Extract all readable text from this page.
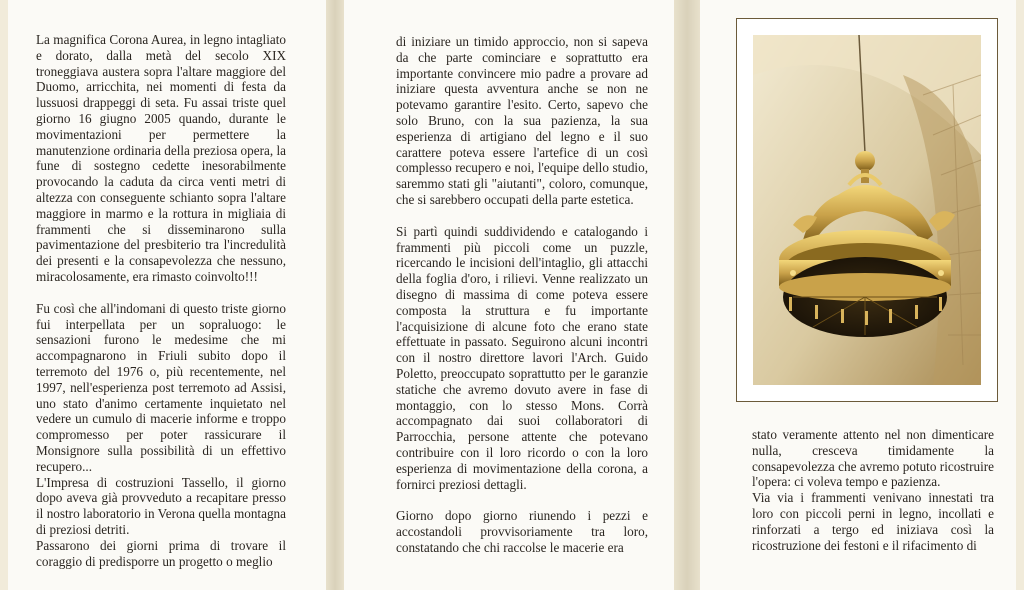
La magnifica Corona Aurea, in legno intagliato e dorato, dalla metà del secolo XIX troneggiava austera sopra l'altare maggiore del Duomo, arricchita, nei momenti di festa da lussuosi drappeggi di seta. Fu assai triste quel giorno 16 giugno 2005 quando, durante le movimentazioni per permettere la manutenzione ordinaria della preziosa opera, la fune di sostegno cedette inesorabilmente provocando la caduta da circa venti metri di altezza con conseguente schianto sopra l'altare maggiore in marmo e la rottura in migliaia di frammenti che si disseminarono sulla pavimentazione del presbiterio tra l'incredulità dei presenti e la consapevolezza che nessuno, miracolosamente, era rimasto coinvolto!!!

Fu così che all'indomani di questo triste giorno fui interpellata per un sopraluogo: le sensazioni furono le medesime che mi accompagnarono in Friuli subito dopo il terremoto del 1976 o, più recentemente, nel 1997, nell'esperienza post terremoto ad Assisi, uno stato d'animo certamente inquietato nel vedere un cumulo di macerie informe e troppo compromesso per poter rassicurare il Monsignore sulla possibilità di un effettivo recupero...

L'Impresa di costruzioni Tassello, il giorno dopo aveva già provveduto a recapitare presso il nostro laboratorio in Verona quella montagna di preziosi detriti.

Passarono dei giorni prima di trovare il coraggio di predisporre un progetto o meglio

di iniziare un timido approccio, non si sapeva da che parte cominciare e soprattutto era importante convincere mio padre a provare ad iniziare questa avventura anche se non ne potevamo garantire l'esito. Certo, sapevo che solo Bruno, con la sua pazienza, la sua esperienza di artigiano del legno e il suo carattere poteva essere l'artefice di un così complesso recupero e noi, l'equipe dello studio, saremmo stati gli "aiutanti", coloro, comunque, che si sarebbero occupati della parte estetica.

Si partì quindi suddividendo e catalogando i frammenti più piccoli come un puzzle, ricercando le incisioni dell'intaglio, gli attacchi della foglia d'oro, i rilievi. Venne realizzato un disegno di massima di come poteva essere composta la struttura e fu importante l'acquisizione di alcune foto che erano state effettuate in passato. Seguirono alcuni incontri con il nostro direttore lavori l'Arch. Guido Poletto, preoccupato soprattutto per le garanzie statiche che avremo dovuto avere in fase di montaggio, con lo stesso Mons. Corrà accompagnato dai suoi collaboratori di Parrocchia, persone attente che potevano contribuire con il loro ricordo o con la loro esperienza di movimentazione della corona, a fornirci preziosi dettagli.

Giorno dopo giorno riunendo i pezzi e accostandoli provvisoriamente tra loro, constatando che chi raccolse le macerie era

stato veramente attento nel non dimenticare nulla, cresceva timidamente la consapevolezza che avremo potuto ricostruire l'opera: ci voleva tempo e pazienza.

Via via i frammenti venivano innestati tra loro con piccoli perni in legno, incollati e rinforzati a tergo ed iniziava così la ricostruzione dei festoni e il rifacimento di
